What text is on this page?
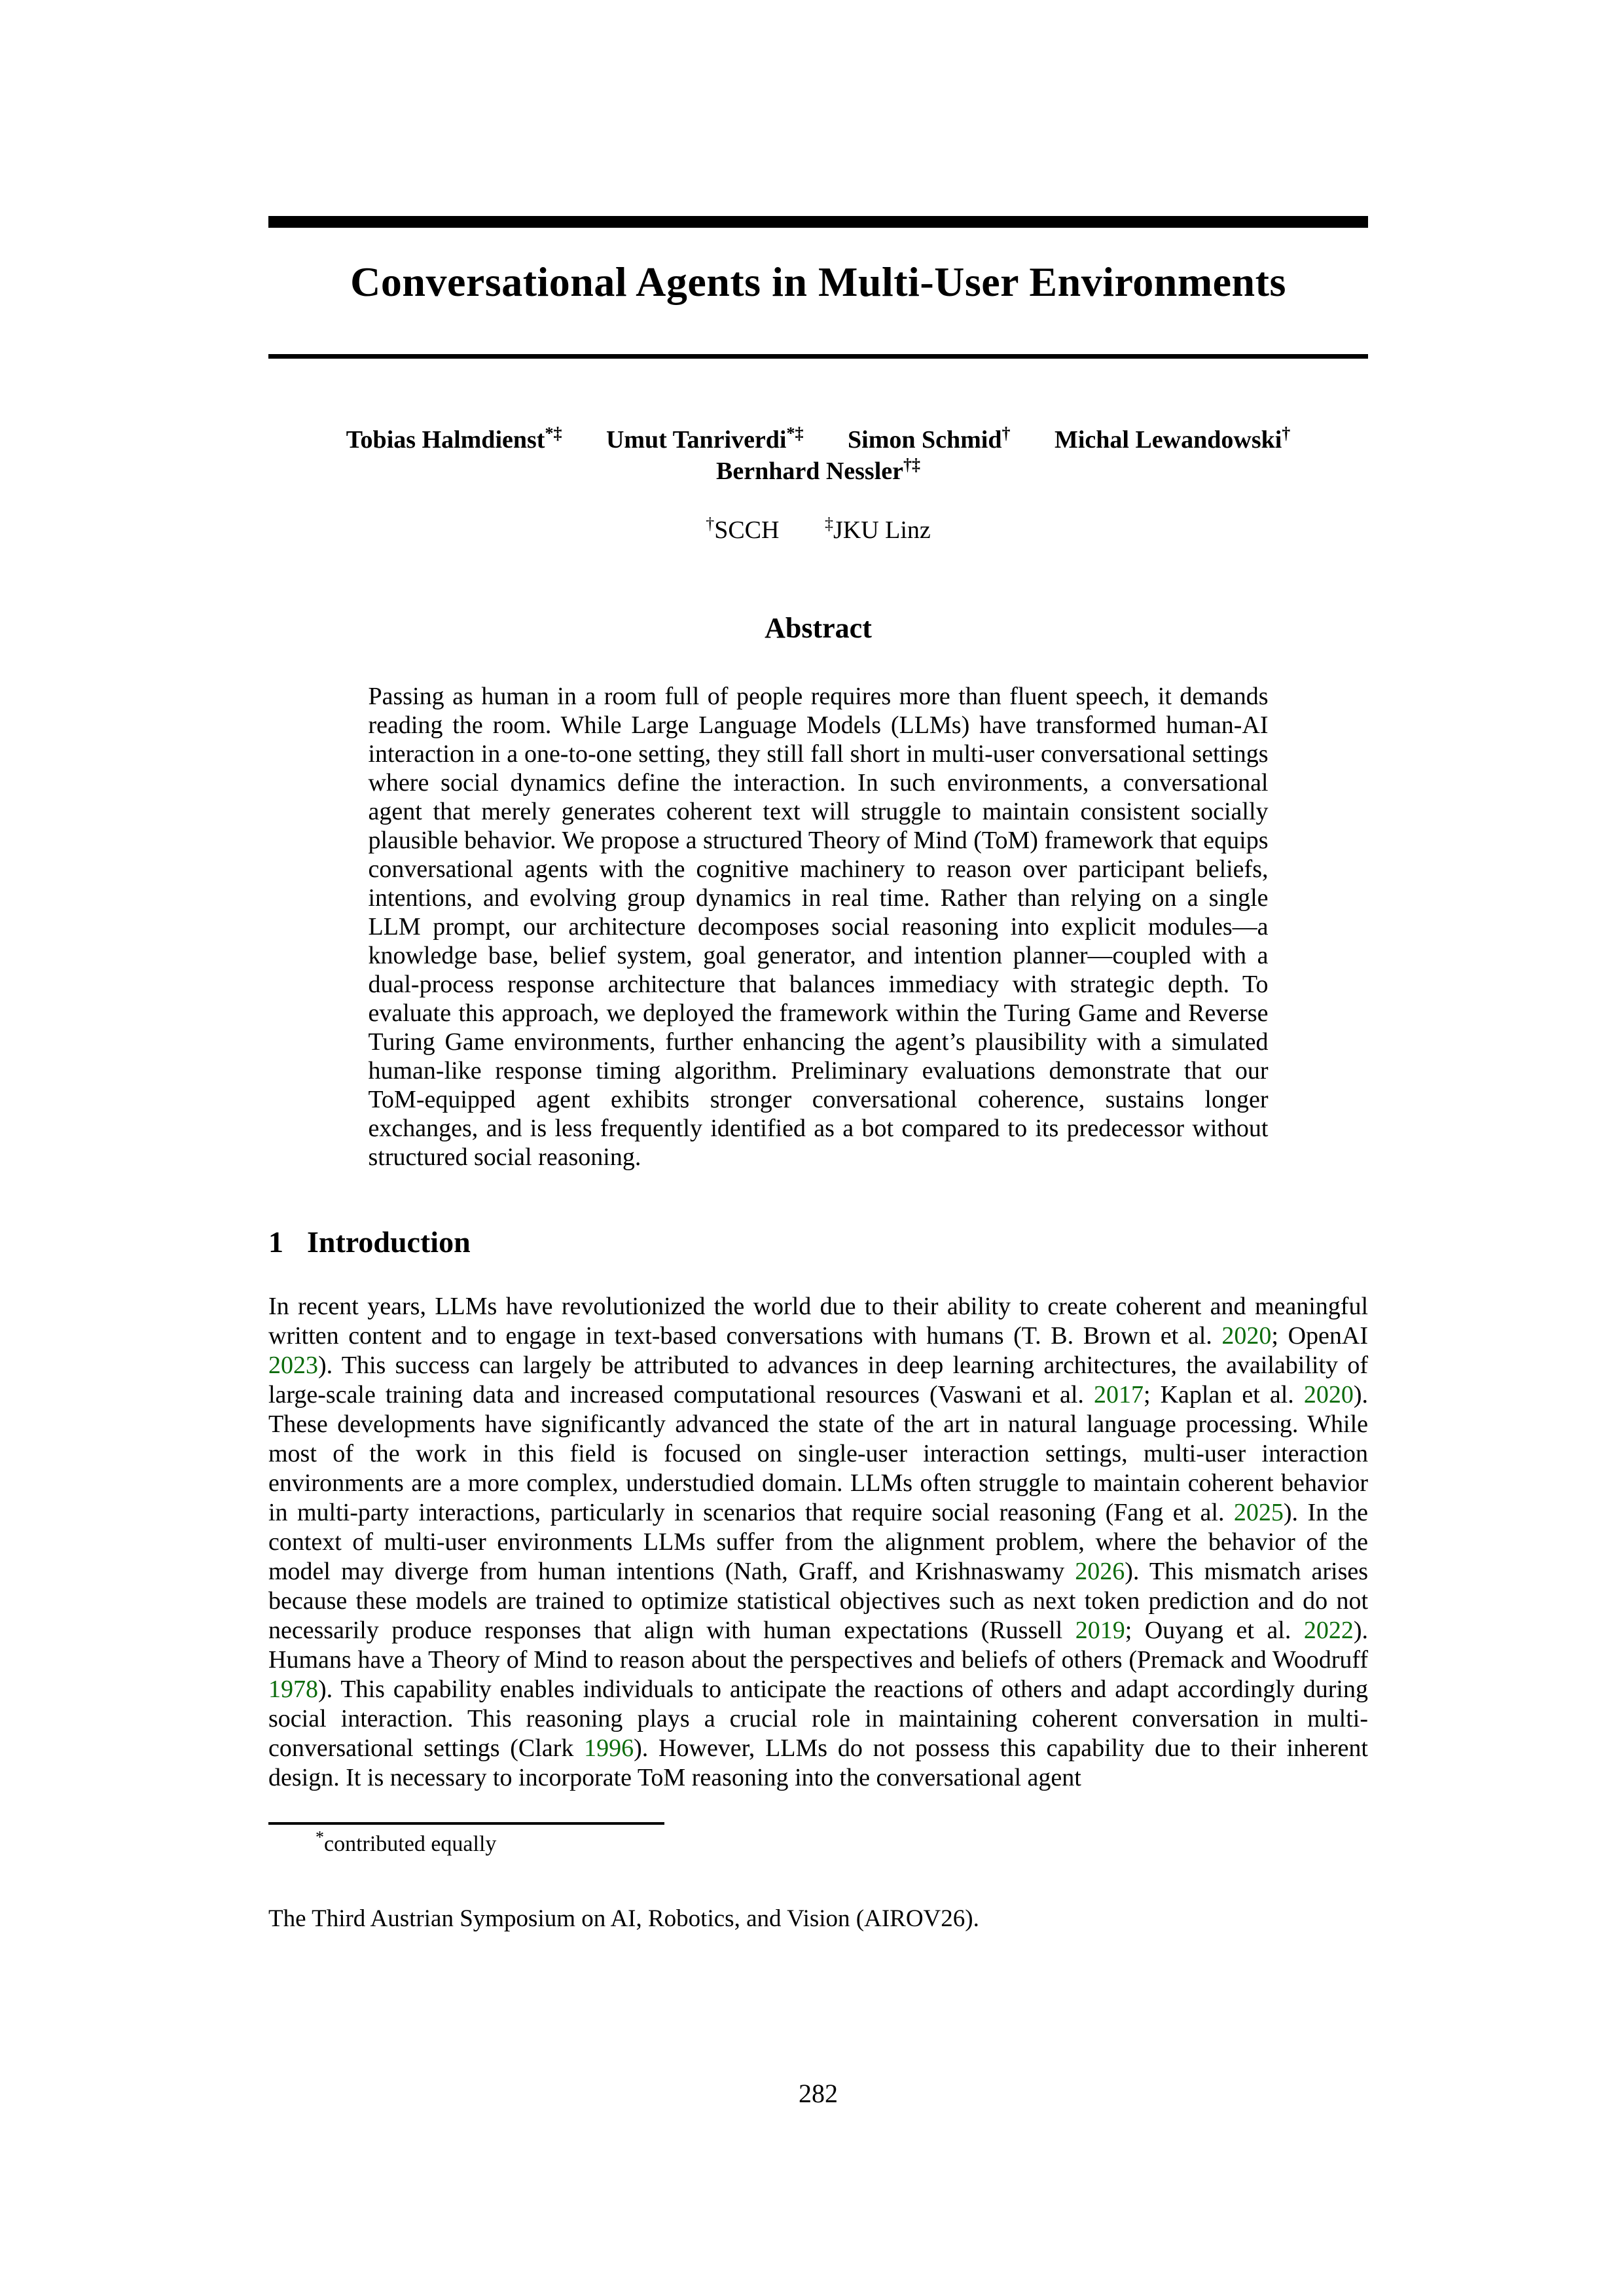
Conversational Agents in Multi-User Environments
Tobias Halmdienst*‡ Umut Tanriverdi*‡ Simon Schmid† Michal Lewandowski†
Bernhard Nessler†‡
†SCCH	‡JKU Linz
Abstract
Passing as human in a room full of people requires more than fluent speech, it demands reading the room. While Large Language Models (LLMs) have transformed human-AI interaction in a one-to-one setting, they still fall short in multi-user conversational settings where social dynamics define the interaction. In such environments, a conversational agent that merely generates coherent text will struggle to maintain consistent socially plausible behavior. We propose a structured Theory of Mind (ToM) framework that equips conversational agents with the cognitive machinery to reason over participant beliefs, intentions, and evolving group dynamics in real time. Rather than relying on a single LLM prompt, our architecture decomposes social reasoning into explicit modules—a knowledge base, belief system, goal generator, and intention planner—coupled with a dual-process response architecture that balances immediacy with strategic depth. To evaluate this approach, we deployed the framework within the Turing Game and Reverse Turing Game environments, further enhancing the agent’s plausibility with a simulated human-like response timing algorithm. Preliminary evaluations demonstrate that our ToM-equipped agent exhibits stronger conversational coherence, sustains longer exchanges, and is less frequently identified as a bot compared to its predecessor without structured social reasoning.
1 Introduction
In recent years, LLMs have revolutionized the world due to their ability to create coherent and meaningful written content and to engage in text-based conversations with humans (T. B. Brown et al. 2020; OpenAI 2023). This success can largely be attributed to advances in deep learning architectures, the availability of large-scale training data and increased computational resources (Vaswani et al. 2017; Kaplan et al. 2020). These developments have significantly advanced the state of the art in natural language processing. While most of the work in this field is focused on single-user interaction settings, multi-user interaction environments are a more complex, understudied domain. LLMs often struggle to maintain coherent behavior in multi-party interactions, particularly in scenarios that require social reasoning (Fang et al. 2025). In the context of multi-user environments LLMs suffer from the alignment problem, where the behavior of the model may diverge from human intentions (Nath, Graff, and Krishnaswamy 2026). This mismatch arises because these models are trained to optimize statistical objectives such as next token prediction and do not necessarily produce responses that align with human expectations (Russell 2019; Ouyang et al. 2022). Humans have a Theory of Mind to reason about the perspectives and beliefs of others (Premack and Woodruff 1978). This capability enables individuals to anticipate the reactions of others and adapt accordingly during social interaction. This reasoning plays a crucial role in maintaining coherent conversation in multi-conversational settings (Clark 1996). However, LLMs do not possess this capability due to their inherent design. It is necessary to incorporate ToM reasoning into the conversational agent
*contributed equally
The Third Austrian Symposium on AI, Robotics, and Vision (AIROV26).
282
